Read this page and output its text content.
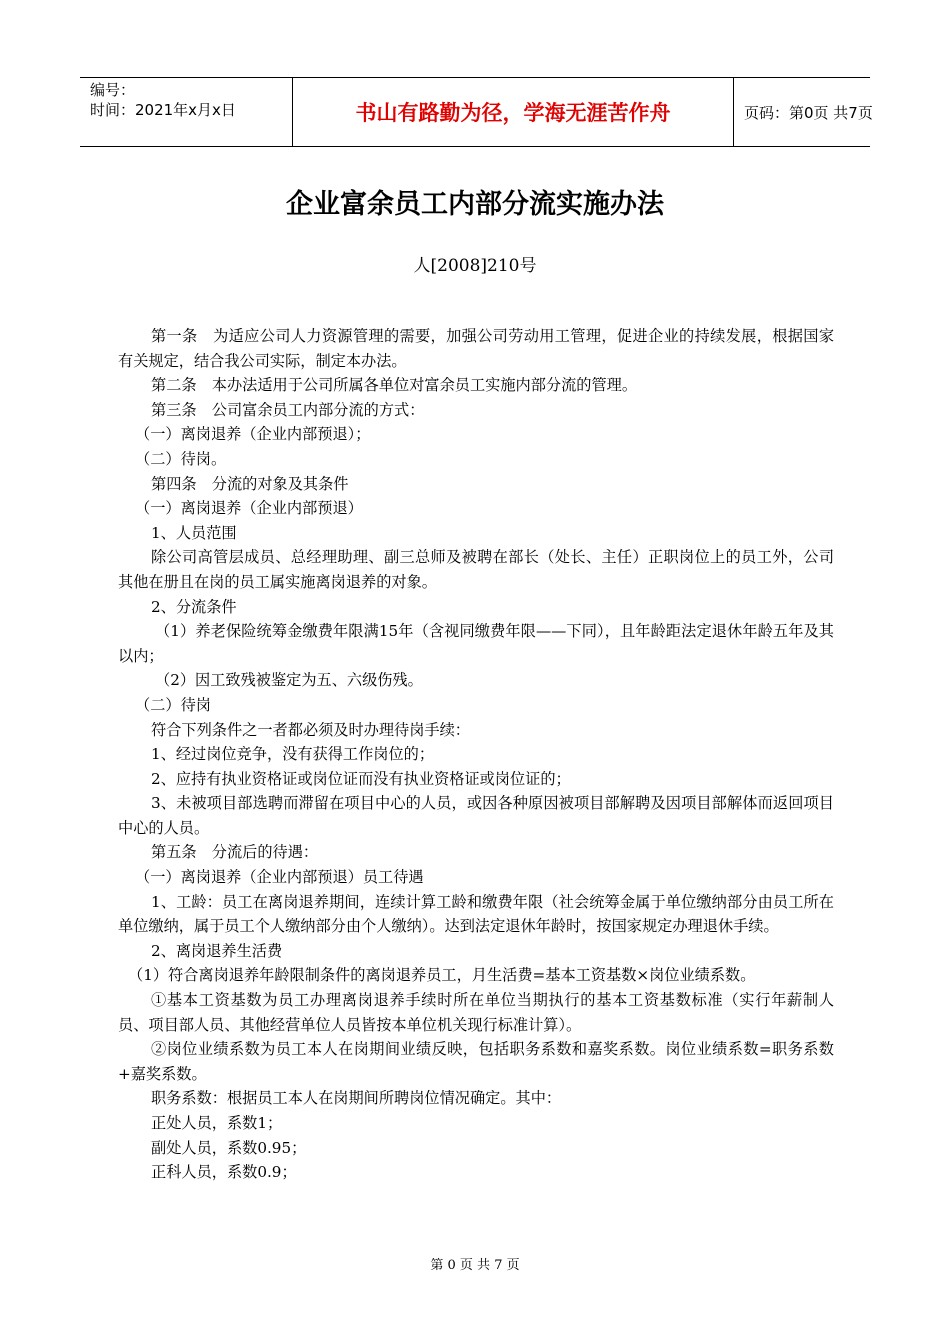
编号：
时间：2021年x月x日	书山有路勤为径，学海无涯苦作舟	页码：第0页 共7页
企业富余员工内部分流实施办法
人[2008]210号

第一条　为适应公司人力资源管理的需要，加强公司劳动用工管理，促进企业的持续发展，根据国家有关规定，结合我公司实际，制定本办法。

第二条　本办法适用于公司所属各单位对富余员工实施内部分流的管理。

第三条　公司富余员工内部分流的方式：

（一）离岗退养（企业内部预退）；

（二）待岗。

第四条　分流的对象及其条件

（一）离岗退养（企业内部预退）

1、人员范围

除公司高管层成员、总经理助理、副三总师及被聘在部长（处长、主任）正职岗位上的员工外，公司其他在册且在岗的员工属实施离岗退养的对象。

2、分流条件

（1）养老保险统筹金缴费年限满15年（含视同缴费年限——下同），且年龄距法定退休年龄五年及其以内；

（2）因工致残被鉴定为五、六级伤残。

（二）待岗

符合下列条件之一者都必须及时办理待岗手续：

1、经过岗位竞争，没有获得工作岗位的；

2、应持有执业资格证或岗位证而没有执业资格证或岗位证的；

3、未被项目部选聘而滞留在项目中心的人员，或因各种原因被项目部解聘及因项目部解体而返回项目中心的人员。

第五条　分流后的待遇：

（一）离岗退养（企业内部预退）员工待遇

1、工龄：员工在离岗退养期间，连续计算工龄和缴费年限（社会统筹金属于单位缴纳部分由员工所在单位缴纳，属于员工个人缴纳部分由个人缴纳）。达到法定退休年龄时，按国家规定办理退休手续。

2、离岗退养生活费

（1）符合离岗退养年龄限制条件的离岗退养员工，月生活费=基本工资基数×岗位业绩系数。

①基本工资基数为员工办理离岗退养手续时所在单位当期执行的基本工资基数标准（实行年薪制人员、项目部人员、其他经营单位人员皆按本单位机关现行标准计算）。

②岗位业绩系数为员工本人在岗期间业绩反映，包括职务系数和嘉奖系数。岗位业绩系数=职务系数+嘉奖系数。

职务系数：根据员工本人在岗期间所聘岗位情况确定。其中：

正处人员，系数1；

副处人员，系数0.95；

正科人员，系数0.9；

第 0 页 共 7 页
